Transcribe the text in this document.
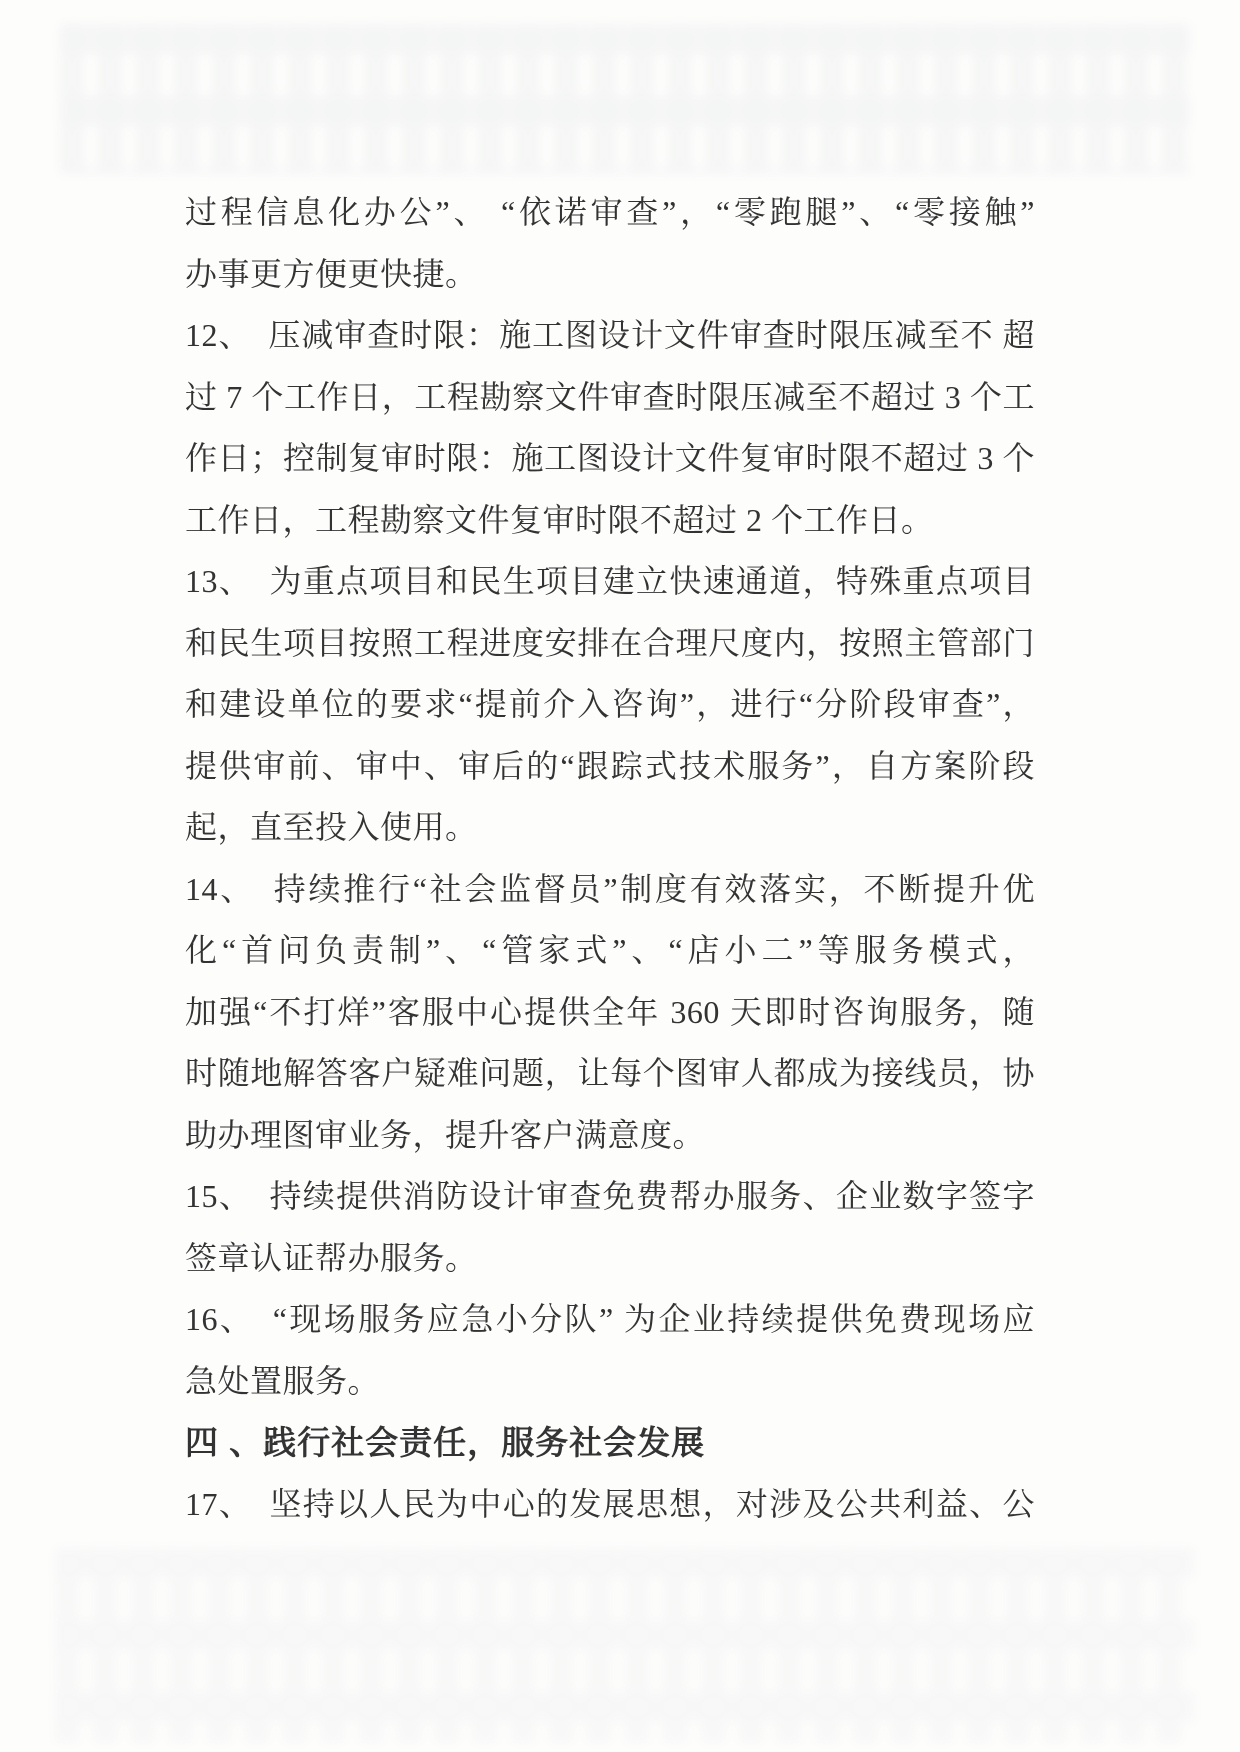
过程信息化办公”、 “依诺审查”，“零跑腿”、“零接触”
办事更方便更快捷。
12、　压减审查时限：施工图设计文件审查时限压减至不 超
过 7 个工作日，工程勘察文件审查时限压减至不超过 3 个工
作日；控制复审时限：施工图设计文件复审时限不超过 3 个
工作日，工程勘察文件复审时限不超过 2 个工作日。
13、　为重点项目和民生项目建立快速通道，特殊重点项目
和民生项目按照工程进度安排在合理尺度内，按照主管部门
和建设单位的要求“提前介入咨询”，进行“分阶段审查”，
提供审前、审中、审后的“跟踪式技术服务”，自方案阶段
起，直至投入使用。
14、　持续推行“社会监督员”制度有效落实，不断提升优
化“首问负责制”、“管家式”、“店小二”等服务模式，
加强“不打烊”客服中心提供全年 360 天即时咨询服务，随
时随地解答客户疑难问题，让每个图审人都成为接线员，协
助办理图审业务，提升客户满意度。
15、　持续提供消防设计审查免费帮办服务、企业数字签字
签章认证帮办服务。
16、　“现场服务应急小分队” 为企业持续提供免费现场应
急处置服务。
四 、践行社会责任，服务社会发展
17、　坚持以人民为中心的发展思想，对涉及公共利益、公
